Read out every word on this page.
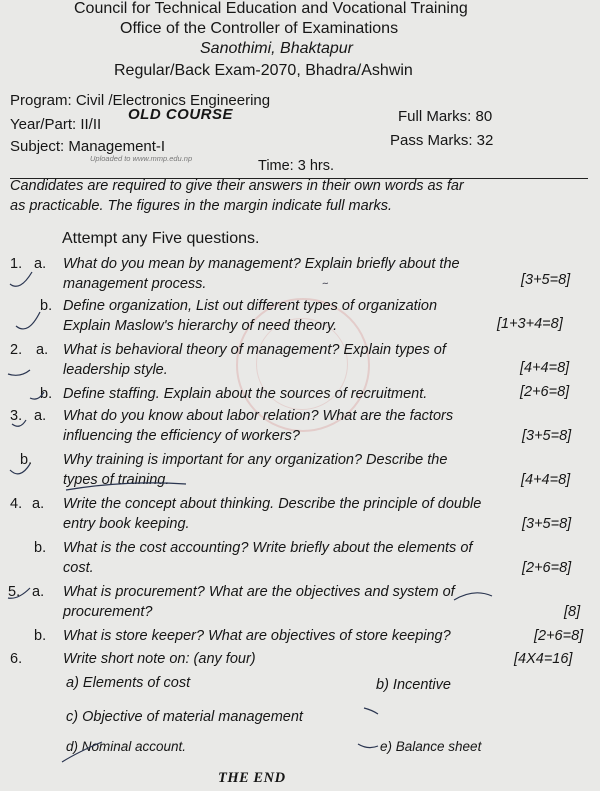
Council for Technical Education and Vocational Training
Office of the Controller of Examinations
Sanothimi, Bhaktapur
Regular/Back Exam-2070, Bhadra/Ashwin
Program: Civil /Electronics Engineering
Year/Part: II/II
OLD COURSE
Subject: Management-I
Uploaded to www.mmp.edu.np
Full Marks: 80
Pass Marks: 32
Time: 3 hrs.
Candidates are required to give their answers in their own words as far
as practicable. The figures in the margin indicate full marks.
Attempt any Five questions.
1. a. What do you mean by management? Explain briefly about the
management process.	[3+5=8]
b. Define organization, List out different types of organization
Explain Maslow's hierarchy of need theory.	[1+3+4=8]
2. a. What is behavioral theory of management? Explain types of
leadership style.	[4+4=8]
b. Define staffing. Explain about the sources of recruitment.	[2+6=8]
3. a. What do you know about labor relation? What are the factors
influencing the efficiency of workers?	[3+5=8]
b. Why training is important for any organization? Describe the
types of training.	[4+4=8]
4. a. Write the concept about thinking. Describe the principle of double
entry book keeping.	[3+5=8]
b. What is the cost accounting? Write briefly about the elements of
cost.	[2+6=8]
5. a. What is procurement? What are the objectives and system of
procurement?	[8]
b. What is store keeper? What are objectives of store keeping?	[2+6=8]
6.	Write short note on: (any four)	[4X4=16]
a) Elements of cost	b) Incentive
c) Objective of material management
d) Nominal account.	e) Balance sheet
THE END
~
